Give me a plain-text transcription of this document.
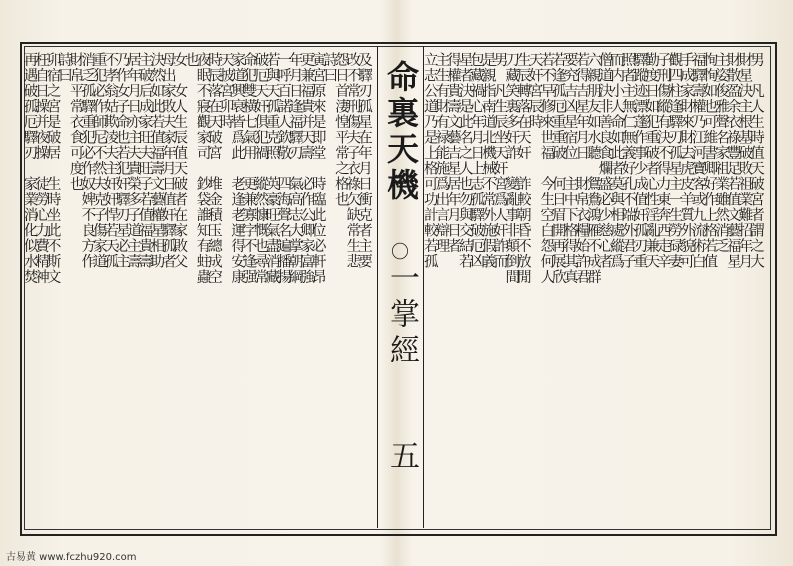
命裏天機
〇
一掌經
五
及驛刃孤星在年月日衝克者主要
改不常刑傷夫子衣祿欠缺常生悲
怨日首淒惶平常之格也
詩曰
寅宮原來是即堂　時臨此位必軒昂
更兼福貴并天壽　必作公卿家富強
年月日逢福驛刃　氣高志大掌朝綱
一呼百諾人欽敬　四海聲名遍播揚
若與天孤重克照　英豪旺氣盡消藏
破厄天奸俱犯禍　縱然慷慨也尋常
命犯雙橫七氣用　更兼寡字不逢强
家道興衰皆爲此　老逢老運得安康
天披宮卯時
時辰落在天破宮　堆金積玉總成空
夜眠不寢觀家司　鈔袋誰知有蛀蟲
也
女　女人生辰值天破者在家敗父
母出家敗夫家年月日值奸驛孤者
決然如此若值福壽文藝權星相助
主破后成家旺夫旺子若值福貴壽
居年月日亦主夫貴榮多子道主壽
乃作女子命也若犯奸驛刃星必主
不孝翁姑欺凌夫主奸奸悍若天孤
重犯必作師尼不然夫克子傷家道
消乏孤驛重犯必作奴婢不良方作
財帛平常衣食可度也
詩曰
卯宿之宮是破居　生時坐此不斯文
枉自日操并夜操　徒勞心力費精神
再遇破孤厄驛刃　家業消化似水焚	男　凡人生時值天破宮者謂之大
財星決主根基破敗祖業難招年月
財散盈余衣祿豐足若值文藝福星
主姿俊雅聲名家祖業雖然消乏
恂恂如也可維書卿好作上格若值
福驛壽權乃江河寶客或九流術白
手成家財來財去虎皮羊質外貌可
觀四柱逢驛刃孤星主一生勞碌妻
子刑傷縱有決不得力東奔西走辛
勤度日如犯重破者心性淫亂兼天
驛蹤迹漂蓬作事少成值奸孤刃重
照者主無仁無義好孔不端外君子
而内小人命如此者莫與相處縱爲
僧道決非善良食爛盛必少慈心者
六親朋友如水聽　鴛鴦鴻雁不成群
若得吉星年月日　財帛衣糧始許君
要究吉凶星宿位　主中下格得其真
若逢孤厄重重破　何日眉開再展欣
若不早修來世福　今生空白怨何人
天奸宮辰時
生辰轉落在天奸　詐較朝昏不放閒
刀藏笑裏多奸詐　變亂事非顛倒間
男　凡生辰坐天奸宮爲人奸詐而
是親指南道北機械不常外施假義
包藏禍心年月日上志孤驛破厄凶
星者決是此名之人也勿與交結若
得權貴壽文藝吉星居年月日者
主生有財有禄能施爲出言辯理
立志公道乃是上格可功計較若孤
古易黄 www.fczhu920.com
